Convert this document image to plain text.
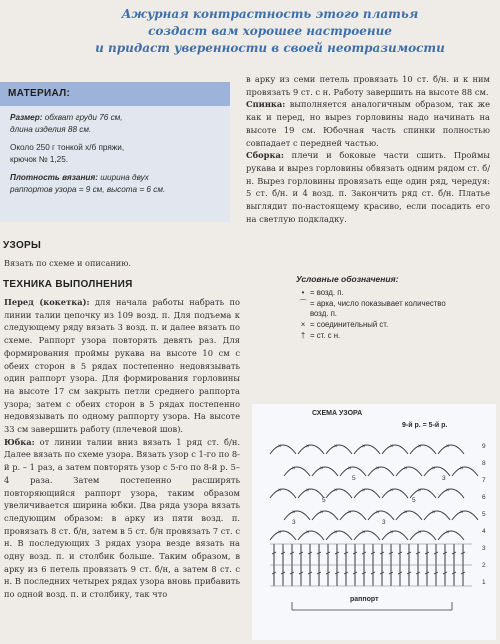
Ажурная контрастность этого платья
создаст вам хорошее настроение
и придаст уверенности в своей неотразимости
МАТЕРИАЛ:

Размер: обхват груди 76 см,
длина изделия 88 см.

Около 250 г тонкой х/б пряжи,
крючок № 1,25.

Плотность вязания: ширина двух
раппортов узора = 9 см, высота = 6 см.

УЗОРЫ
Вязать по схеме и описанию.
ТЕХНИКА ВЫПОЛНЕНИЯ

Перед (кокетка): для начала работы набрать по линии талии цепочку из 109 возд. п. Для подъема к следующему ряду вязать 3 возд. п. и далее вязать по схеме. Раппорт узора повторять девять раз. Для формирования проймы рукава на высоте 10 см с обеих сторон в 5 рядах постепенно недовязывать один раппорт узора. Для формирования горловины на высоте 17 см закрыть петли среднего раппорта узора; затем с обеих сторон в 5 рядах постепенно недовязывать по одному раппорту узора. На высоте 33 см завершить работу (плечевой шов).

Юбка: от линии талии вниз вязать 1 ряд ст. б/н. Далее вязать по схеме узора. Вязать узор с 1-го по 8-й р. – 1 раз, а затем повторять узор с 5-го по 8-й р. 5–4 раза. Затем постепенно расширять повторяющийся раппорт узора, таким образом увеличивается ширина юбки. Два ряда узора вязать следующим образом: в арку из пяти возд. п. провязать 8 ст. б/н, затем в 5 ст. б/н провязать 7 ст. с н. В последующих 3 рядах узора везде вязать на одну возд. п. и столбик больше. Таким образом, в арку из 6 петель провязать 9 ст. б/н, а затем 8 ст. с н. В последних четырех рядах узора вновь прибавить по одной возд. п. и столбику, так что

в арку из семи петель провязать 10 ст. б/н. и к ним провязать 9 ст. с н. Работу завершить на высоте 88 см.

Спинка: выполняется аналогичным образом, так же как и перед, но вырез горловины надо начинать на высоте 19 см. Юбочная часть спинки полностью совпадает с передней частью.

Сборка: плечи и боковые части сшить. Проймы рукава и вырез горловины обвязать одним рядом ст. б/н. Вырез горловины провязать еще один ряд, чередуя: 5 ст. б/н. и 4 возд. п. Закончить ряд ст. б/н. Платье выглядит по-настоящему красиво, если посадить его на светлую подкладку.

Условные обозначения:
• = возд. п.
⌒ = арка, число показывает количество возд. п.
× = соединительный ст.
† = ст. с н.
×	×	×	×	×	×	×
×	×	×	×	×	×	×
×	×	×	×	×	×	×
×	×	×	×	×	×	×
×	×	×	×	×	×	×
1
2
3
4
5
6
7
8
9
3
5
5
3
5
3
СХЕМА УЗОРА
9-й р. = 5-й р.
раппорт
